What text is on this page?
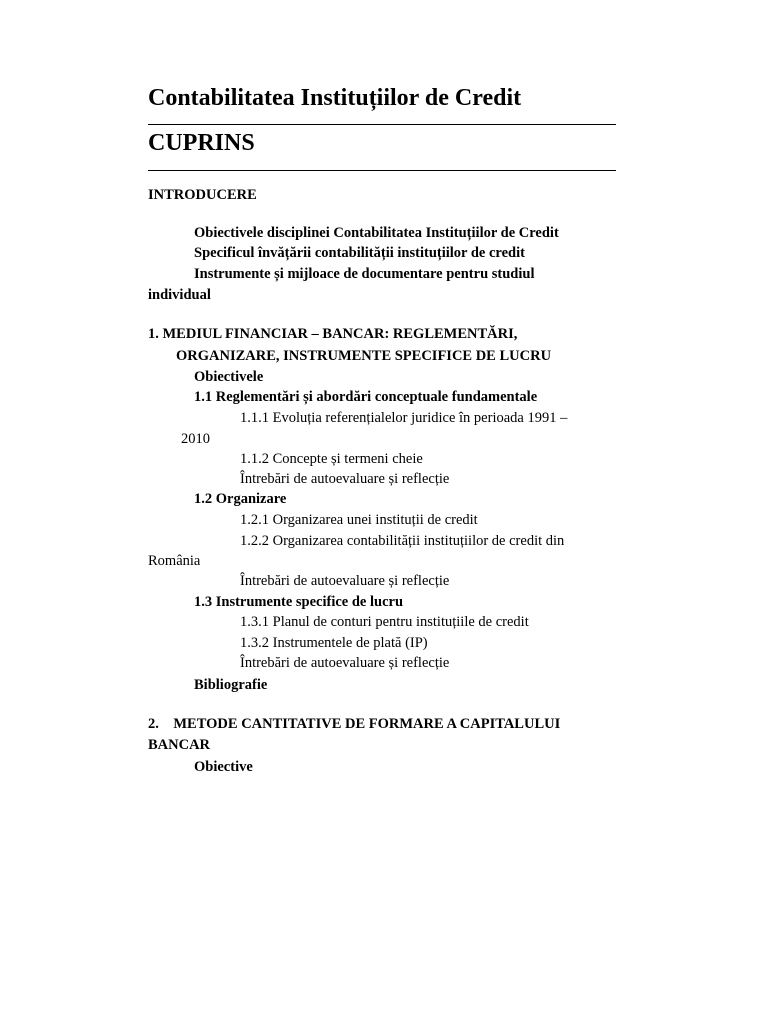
Contabilitatea Instituțiilor de Credit
CUPRINS
INTRODUCERE
Obiectivele disciplinei Contabilitatea Instituțiilor de Credit
Specificul învățării contabilității instituțiilor de credit
Instrumente și mijloace de documentare pentru studiul
individual
1. MEDIUL FINANCIAR – BANCAR: REGLEMENTĂRI,
ORGANIZARE, INSTRUMENTE SPECIFICE DE LUCRU
Obiectivele
1.1 Reglementări și abordări conceptuale fundamentale
1.1.1 Evoluția referențialelor juridice în perioada 1991 –
2010
1.1.2 Concepte și termeni cheie
Întrebări de autoevaluare și reflecție
1.2 Organizare
1.2.1 Organizarea unei instituții de credit
1.2.2 Organizarea contabilității instituțiilor de credit din
România
Întrebări de autoevaluare și reflecție
1.3 Instrumente specifice de lucru
1.3.1 Planul de conturi pentru instituțiile de credit
1.3.2 Instrumentele de plată (IP)
Întrebări de autoevaluare și reflecție
Bibliografie
2.    METODE CANTITATIVE DE FORMARE A CAPITALULUI
BANCAR
Obiective
